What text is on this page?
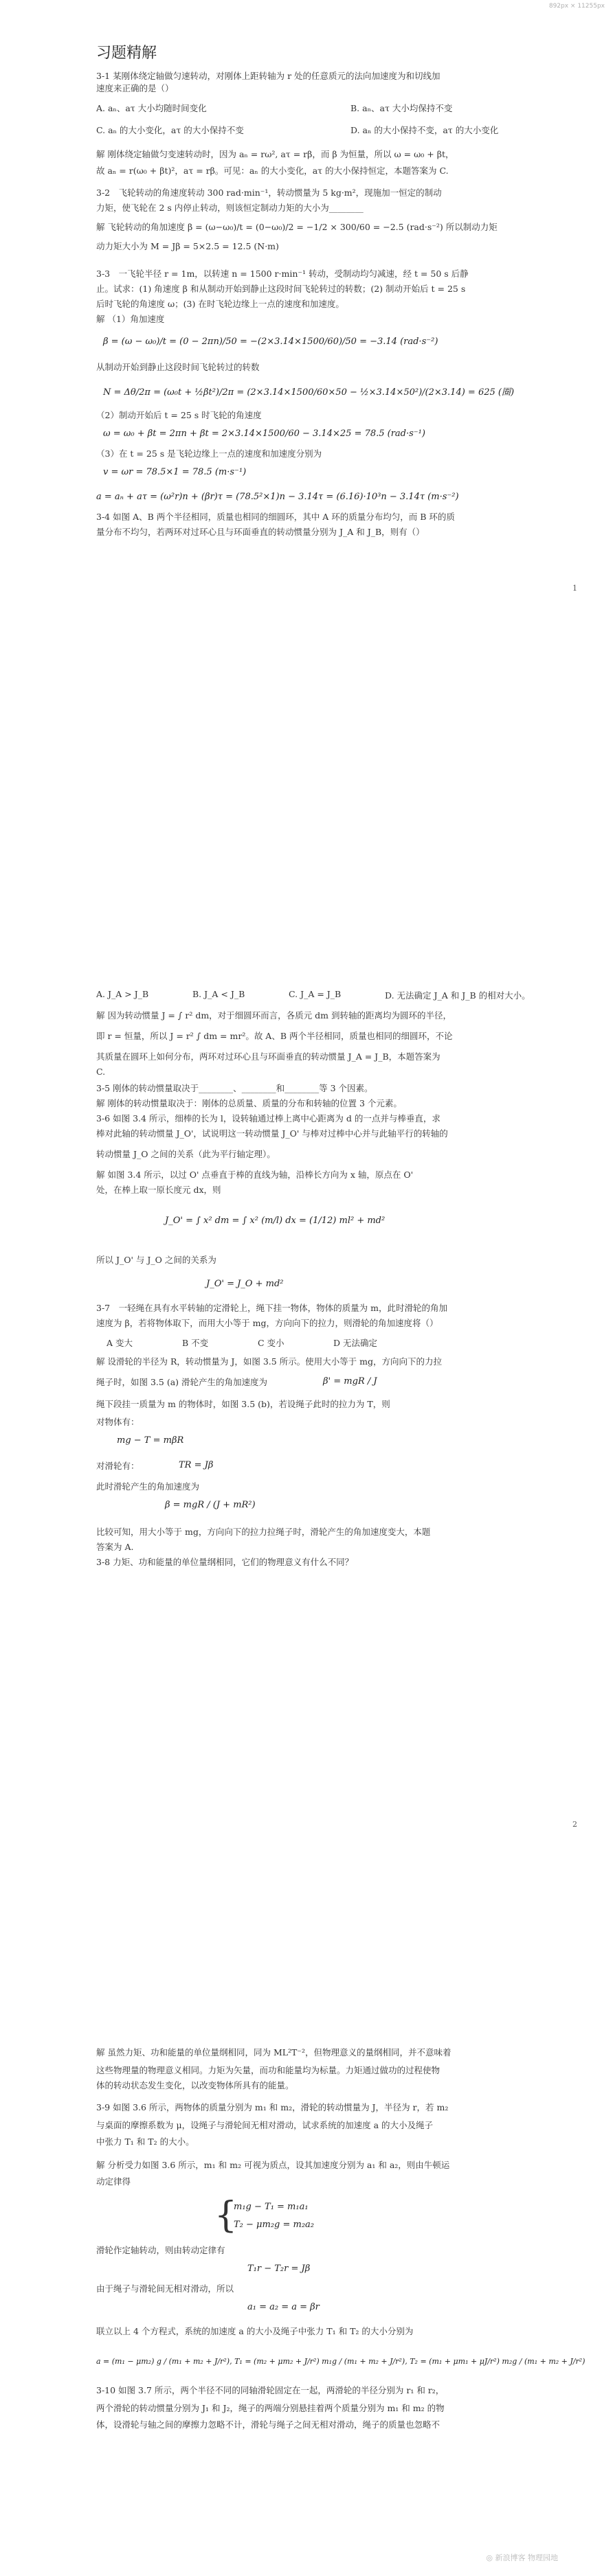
892px × 11255px
习题精解
3-1 某刚体绕定轴做匀速转动，对刚体上距转轴为 r 处的任意质元的法向加速度为和切线加
速度来正确的是（）
A. aₙ、aτ 大小均随时间变化	B. aₙ、aτ 大小均保持不变
C. aₙ 的大小变化，aτ 的大小保持不变	D. aₙ 的大小保持不变，aτ 的大小变化
解 刚体绕定轴做匀变速转动时，因为 aₙ = rω², aτ = rβ，而 β 为恒量，所以 ω = ω₀ + βt，
故 aₙ = r(ω₀ + βt)²，aτ = rβ。可见：aₙ 的大小变化，aτ 的大小保持恒定，本题答案为 C.
3-2　飞轮转动的角速度转动 300 rad·min⁻¹，转动惯量为 5 kg·m²，现施加一恒定的制动
力矩，使飞轮在 2 s 内停止转动，则该恒定制动力矩的大小为________
解 飞轮转动的角加速度 β = (ω−ω₀)/t = (0−ω₀)/2 = −1/2 × 300/60 = −2.5 (rad·s⁻²) 所以制动力矩
动力矩大小为 M = Jβ = 5×2.5 = 12.5 (N·m)
3-3　一飞轮半径 r = 1m，以转速 n = 1500 r·min⁻¹ 转动，受制动均匀减速，经 t = 50 s 后静
止。试求：(1) 角速度 β 和从制动开始到静止这段时间飞轮转过的转数；(2) 制动开始后 t = 25 s
后时飞轮的角速度 ω；(3) 在时飞轮边缘上一点的速度和加速度。
解 （1）角加速度
β = (ω − ω₀)/t = (0 − 2πn)/50 = −(2×3.14×1500/60)/50 = −3.14 (rad·s⁻²)
从制动开始到静止这段时间飞轮转过的转数
N = Δθ/2π = (ω₀t + ½βt²)/2π = (2×3.14×1500/60×50 − ½×3.14×50²)/(2×3.14) = 625 (圈)
（2）制动开始后 t = 25 s 时飞轮的角速度
ω = ω₀ + βt = 2πn + βt = 2×3.14×1500/60 − 3.14×25 = 78.5 (rad·s⁻¹)
（3）在 t = 25 s 是飞轮边缘上一点的速度和加速度分别为
v = ωr = 78.5×1 = 78.5 (m·s⁻¹)
a = aₙ + aτ = (ω²r)n + (βr)τ = (78.5²×1)n − 3.14τ = (6.16)·10³n − 3.14τ (m·s⁻²)
3-4 如图 A、B 两个半径相同，质量也相同的细圆环，其中 A 环的质量分布均匀，而 B 环的质
量分布不均匀，若两环对过环心且与环面垂直的转动惯量分别为 J_A 和 J_B，则有（）
1
A. J_A > J_B	B. J_A < J_B	C. J_A = J_B	D. 无法确定 J_A 和 J_B 的相对大小。
解 因为转动惯量 J = ∫ r² dm，对于细圆环而言，各质元 dm 到转轴的距离均为圆环的半径，
即 r = 恒量，所以 J = r² ∫ dm = mr²。故 A、B 两个半径相同，质量也相同的细圆环，不论
其质量在圆环上如何分布，两环对过环心且与环面垂直的转动惯量 J_A = J_B，本题答案为
C.
3-5 刚体的转动惯量取决于________、________和________等 3 个因素。
解 刚体的转动惯量取决于：刚体的总质量、质量的分布和转轴的位置 3 个元素。
3-6 如图 3.4 所示，细棒的长为 l，设转轴通过棒上离中心距离为 d 的一点并与棒垂直，求
棒对此轴的转动惯量 J_O'，试说明这一转动惯量 J_O' 与棒对过棒中心并与此轴平行的转轴的
转动惯量 J_O 之间的关系（此为平行轴定理）。
解 如图 3.4 所示，以过 O' 点垂直于棒的直线为轴，沿棒长方向为 x 轴，原点在 O'
处，在棒上取一原长度元 dx，则
J_O' = ∫ x² dm = ∫ x² (m/l) dx = (1/12) ml² + md²
所以 J_O' 与 J_O 之间的关系为
J_O' = J_O + md²
3-7　一轻绳在具有水平转轴的定滑轮上，绳下挂一物体，物体的质量为 m，此时滑轮的角加
速度为 β，若将物体取下，而用大小等于 mg，方向向下的拉力，则滑轮的角加速度将（）
A 变大	B 不变	C 变小	D 无法确定
解 设滑轮的半径为 R，转动惯量为 J，如图 3.5 所示。使用大小等于 mg，方向向下的力拉
绳子时，如图 3.5 (a) 滑轮产生的角加速度为	β' = mgR / J
绳下段挂一质量为 m 的物体时，如图 3.5 (b)，若设绳子此时的拉力为 T，则
对物体有：
mg − T = mβR
对滑轮有：	TR = Jβ
此时滑轮产生的角加速度为
β = mgR / (J + mR²)
比较可知，用大小等于 mg，方向向下的拉力拉绳子时，滑轮产生的角加速度变大，本题
答案为 A.
3-8 力矩、功和能量的单位量纲相同，它们的物理意义有什么不同？
2
解 虽然力矩、功和能量的单位量纲相同，同为 ML²T⁻²，但物理意义的量纲相同，并不意味着
这些物理量的物理意义相同。力矩为矢量，而功和能量均为标量。力矩通过做功的过程使物
体的转动状态发生变化，以改变物体所具有的能量。
3-9 如图 3.6 所示，两物体的质量分别为 m₁ 和 m₂，滑轮的转动惯量为 J，半径为 r，若 m₂
与桌面的摩擦系数为 μ，设绳子与滑轮间无相对滑动，试求系统的加速度 a 的大小及绳子
中张力 T₁ 和 T₂ 的大小。
解 分析受力如图 3.6 所示，m₁ 和 m₂ 可视为质点，设其加速度分别为 a₁ 和 a₂，则由牛顿运
动定律得
{
m₁g − T₁ = m₁a₁
T₂ − μm₂g = m₂a₂
滑轮作定轴转动，则由转动定律有
T₁r − T₂r = Jβ
由于绳子与滑轮间无相对滑动，所以
a₁ = a₂ = a = βr
联立以上 4 个方程式，系统的加速度 a 的大小及绳子中张力 T₁ 和 T₂ 的大小分别为
a = (m₁ − μm₂) g / (m₁ + m₂ + J/r²), T₁ = (m₂ + μm₂ + J/r²) m₁g / (m₁ + m₂ + J/r²), T₂ = (m₁ + μm₁ + μJ/r²) m₂g / (m₁ + m₂ + J/r²)
3-10 如图 3.7 所示，两个半径不同的同轴滑轮固定在一起，两滑轮的半径分别为 r₁ 和 r₂，
两个滑轮的转动惯量分别为 J₁ 和 J₂，绳子的两端分别悬挂着两个质量分别为 m₁ 和 m₂ 的物
体，设滑轮与轴之间的摩擦力忽略不计，滑轮与绳子之间无相对滑动，绳子的质量也忽略不
◎ 新浪博客 物理园地
